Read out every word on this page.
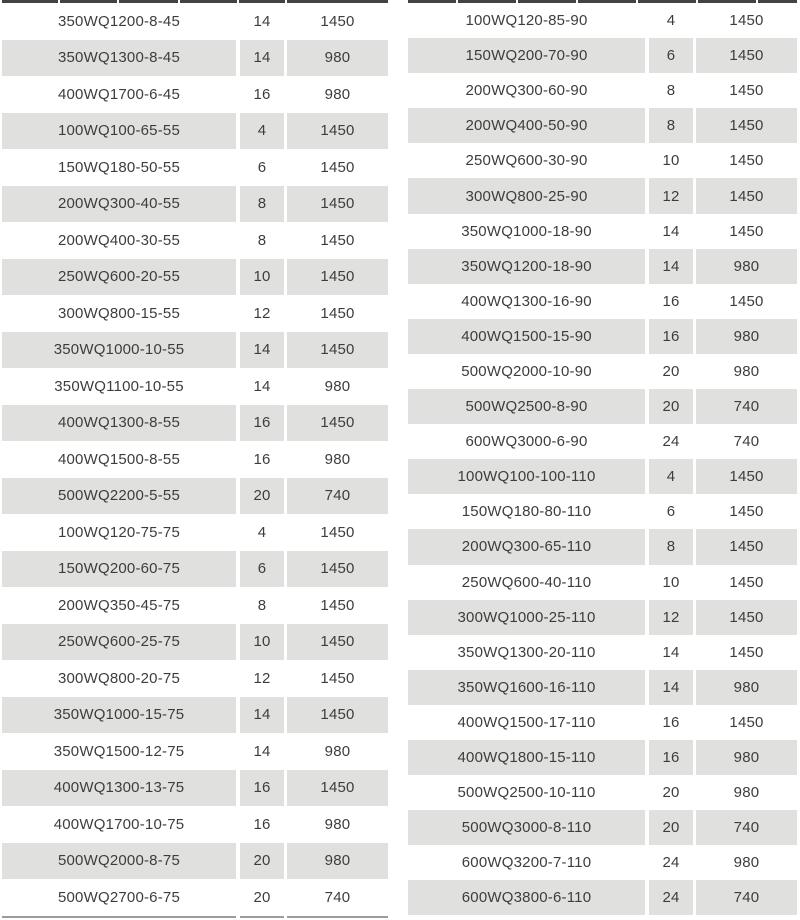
350WQ1200-8-45	14	1450
350WQ1300-8-45	14	980
400WQ1700-6-45	16	980
100WQ100-65-55	4	1450
150WQ180-50-55	6	1450
200WQ300-40-55	8	1450
200WQ400-30-55	8	1450
250WQ600-20-55	10	1450
300WQ800-15-55	12	1450
350WQ1000-10-55	14	1450
350WQ1100-10-55	14	980
400WQ1300-8-55	16	1450
400WQ1500-8-55	16	980
500WQ2200-5-55	20	740
100WQ120-75-75	4	1450
150WQ200-60-75	6	1450
200WQ350-45-75	8	1450
250WQ600-25-75	10	1450
300WQ800-20-75	12	1450
350WQ1000-15-75	14	1450
350WQ1500-12-75	14	980
400WQ1300-13-75	16	1450
400WQ1700-10-75	16	980
500WQ2000-8-75	20	980
500WQ2700-6-75	20	740
100WQ120-85-90	4	1450
150WQ200-70-90	6	1450
200WQ300-60-90	8	1450
200WQ400-50-90	8	1450
250WQ600-30-90	10	1450
300WQ800-25-90	12	1450
350WQ1000-18-90	14	1450
350WQ1200-18-90	14	980
400WQ1300-16-90	16	1450
400WQ1500-15-90	16	980
500WQ2000-10-90	20	980
500WQ2500-8-90	20	740
600WQ3000-6-90	24	740
100WQ100-100-110	4	1450
150WQ180-80-110	6	1450
200WQ300-65-110	8	1450
250WQ600-40-110	10	1450
300WQ1000-25-110	12	1450
350WQ1300-20-110	14	1450
350WQ1600-16-110	14	980
400WQ1500-17-110	16	1450
400WQ1800-15-110	16	980
500WQ2500-10-110	20	980
500WQ3000-8-110	20	740
600WQ3200-7-110	24	980
600WQ3800-6-110	24	740
